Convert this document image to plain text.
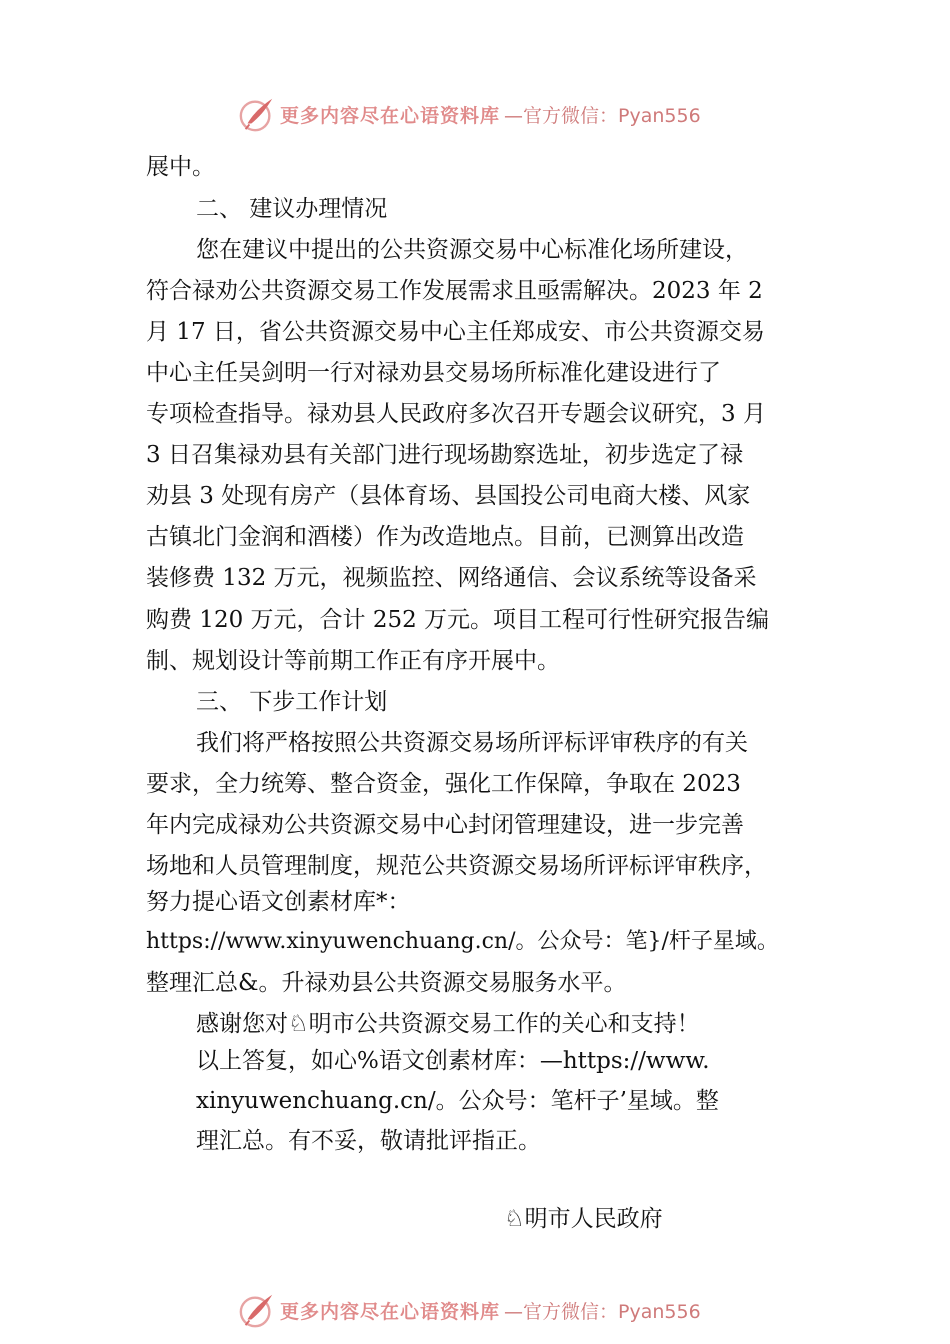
更多内容尽在心语资料库 —官方微信：Pyan556
展中。
二、 建议办理情况
您在建议中提出的公共资源交易中心标准化场所建设，
符合禄劝公共资源交易工作发展需求且亟需解决。2023 年 2
月 17 日，省公共资源交易中心主任郑成安、市公共资源交易
中心主任吴剑明一行对禄劝县交易场所标准化建设进行了
专项检查指导。禄劝县人民政府多次召开专题会议研究，3 月
3 日召集禄劝县有关部门进行现场勘察选址，初步选定了禄
劝县 3 处现有房产（县体育场、县国投公司电商大楼、风家
古镇北门金润和酒楼）作为改造地点。目前，已测算出改造
装修费 132 万元，视频监控、网络通信、会议系统等设备采
购费 120 万元，合计 252 万元。项目工程可行性研究报告编
制、规划设计等前期工作正有序开展中。
三、 下步工作计划
我们将严格按照公共资源交易场所评标评审秩序的有关
要求，全力统筹、整合资金，强化工作保障，争取在 2023
年内完成禄劝公共资源交易中心封闭管理建设，进一步完善
场地和人员管理制度，规范公共资源交易场所评标评审秩序，
努力提心语文创素材库*：
https://www.xinyuwenchuang.cn/。公众号：笔}/杆子星域。
整理汇总&。升禄劝县公共资源交易服务水平。
感谢您对♘明市公共资源交易工作的关心和支持！
以上答复，如心%语文创素材库：—https://www.
xinyuwenchuang.cn/。公众号：笔杆子’星域。整
理汇总。有不妥，敬请批评指正。
♘明市人民政府
更多内容尽在心语资料库 —官方微信：Pyan556
